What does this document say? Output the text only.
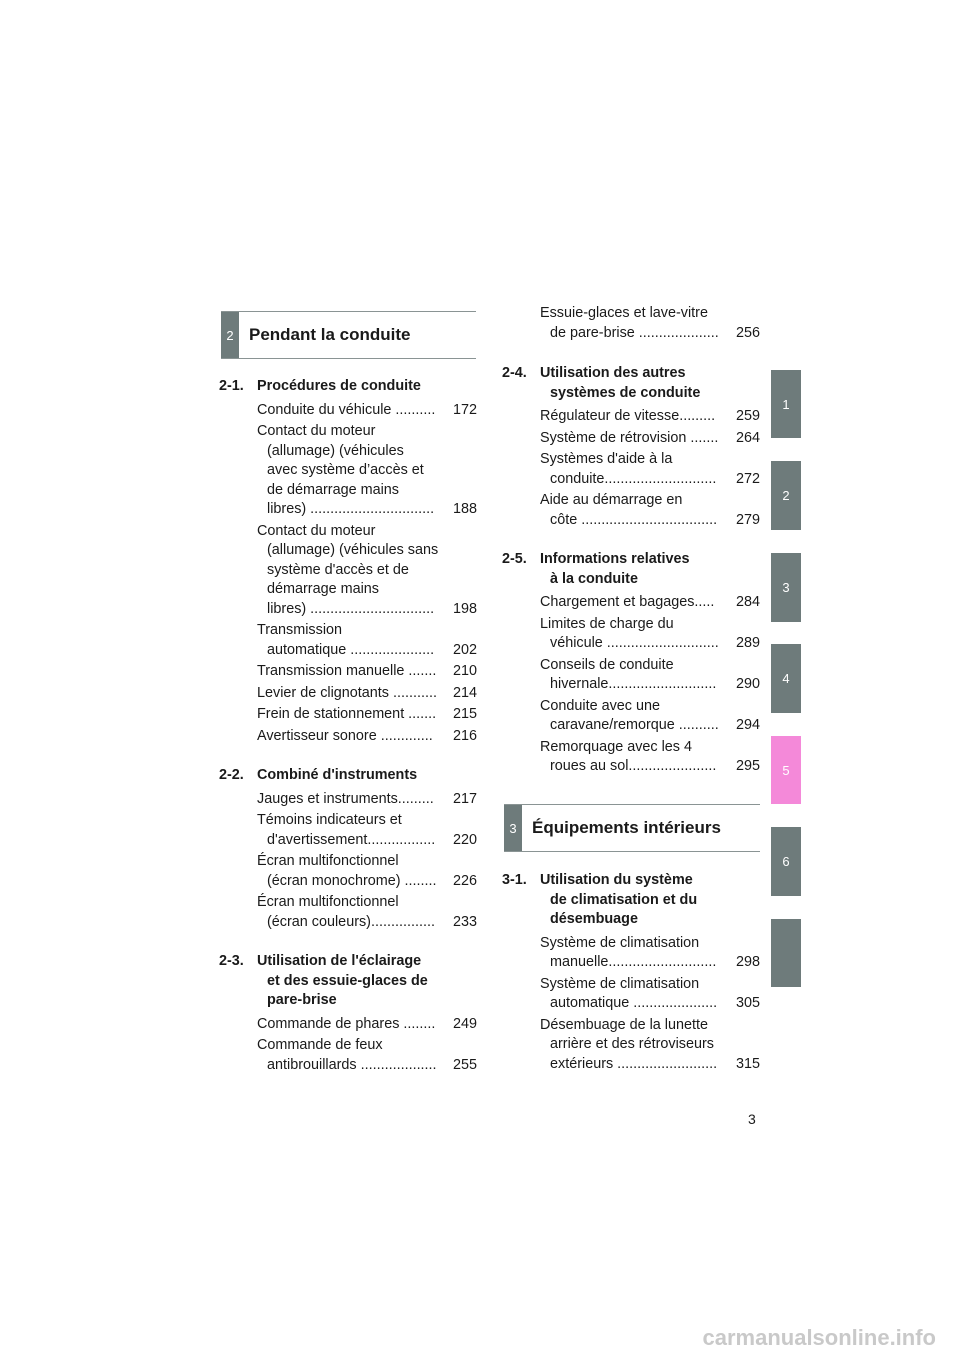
1
2
3
4
5
6
2 Pendant la conduite
2-1. Procédures de conduite
Conduite du véhicule ..........	172
Contact du moteur
(allumage) (véhicules
avec système d’accès et
de démarrage mains
libres) ...............................	188
Contact du moteur
(allumage) (véhicules sans
système d'accès et de
démarrage mains
libres) ...............................	198
Transmission
automatique .....................	202
Transmission manuelle .......	210
Levier de clignotants ...........	214
Frein de stationnement .......	215
Avertisseur sonore .............	216
2-2. Combiné d'instruments
Jauges et instruments.........	217
Témoins indicateurs et
d'avertissement.................	220
Écran multifonctionnel
(écran monochrome) ........	226
Écran multifonctionnel
(écran couleurs)................	233
2-3. Utilisation de l'éclairage
et des essuie-glaces de
pare-brise
Commande de phares ........	249
Commande de feux
antibrouillards ...................	255
Essuie-glaces et lave-vitre
de pare-brise ....................	256
2-4. Utilisation des autres
systèmes de conduite
Régulateur de vitesse.........	259
Système de rétrovision .......	264
Systèmes d'aide à la
conduite............................	272
Aide au démarrage en
côte ..................................	279
2-5. Informations relatives
à la conduite
Chargement et bagages.....	284
Limites de charge du
véhicule ............................	289
Conseils de conduite
hivernale...........................	290
Conduite avec une
caravane/remorque ..........	294
Remorquage avec les 4
roues au sol......................	295
3 Équipements intérieurs
3-1. Utilisation du système
de climatisation et du
désembuage
Système de climatisation
manuelle...........................	298
Système de climatisation
automatique .....................	305
Désembuage de la lunette
arrière et des rétroviseurs
extérieurs .........................	315
3
carmanualsonline.info
